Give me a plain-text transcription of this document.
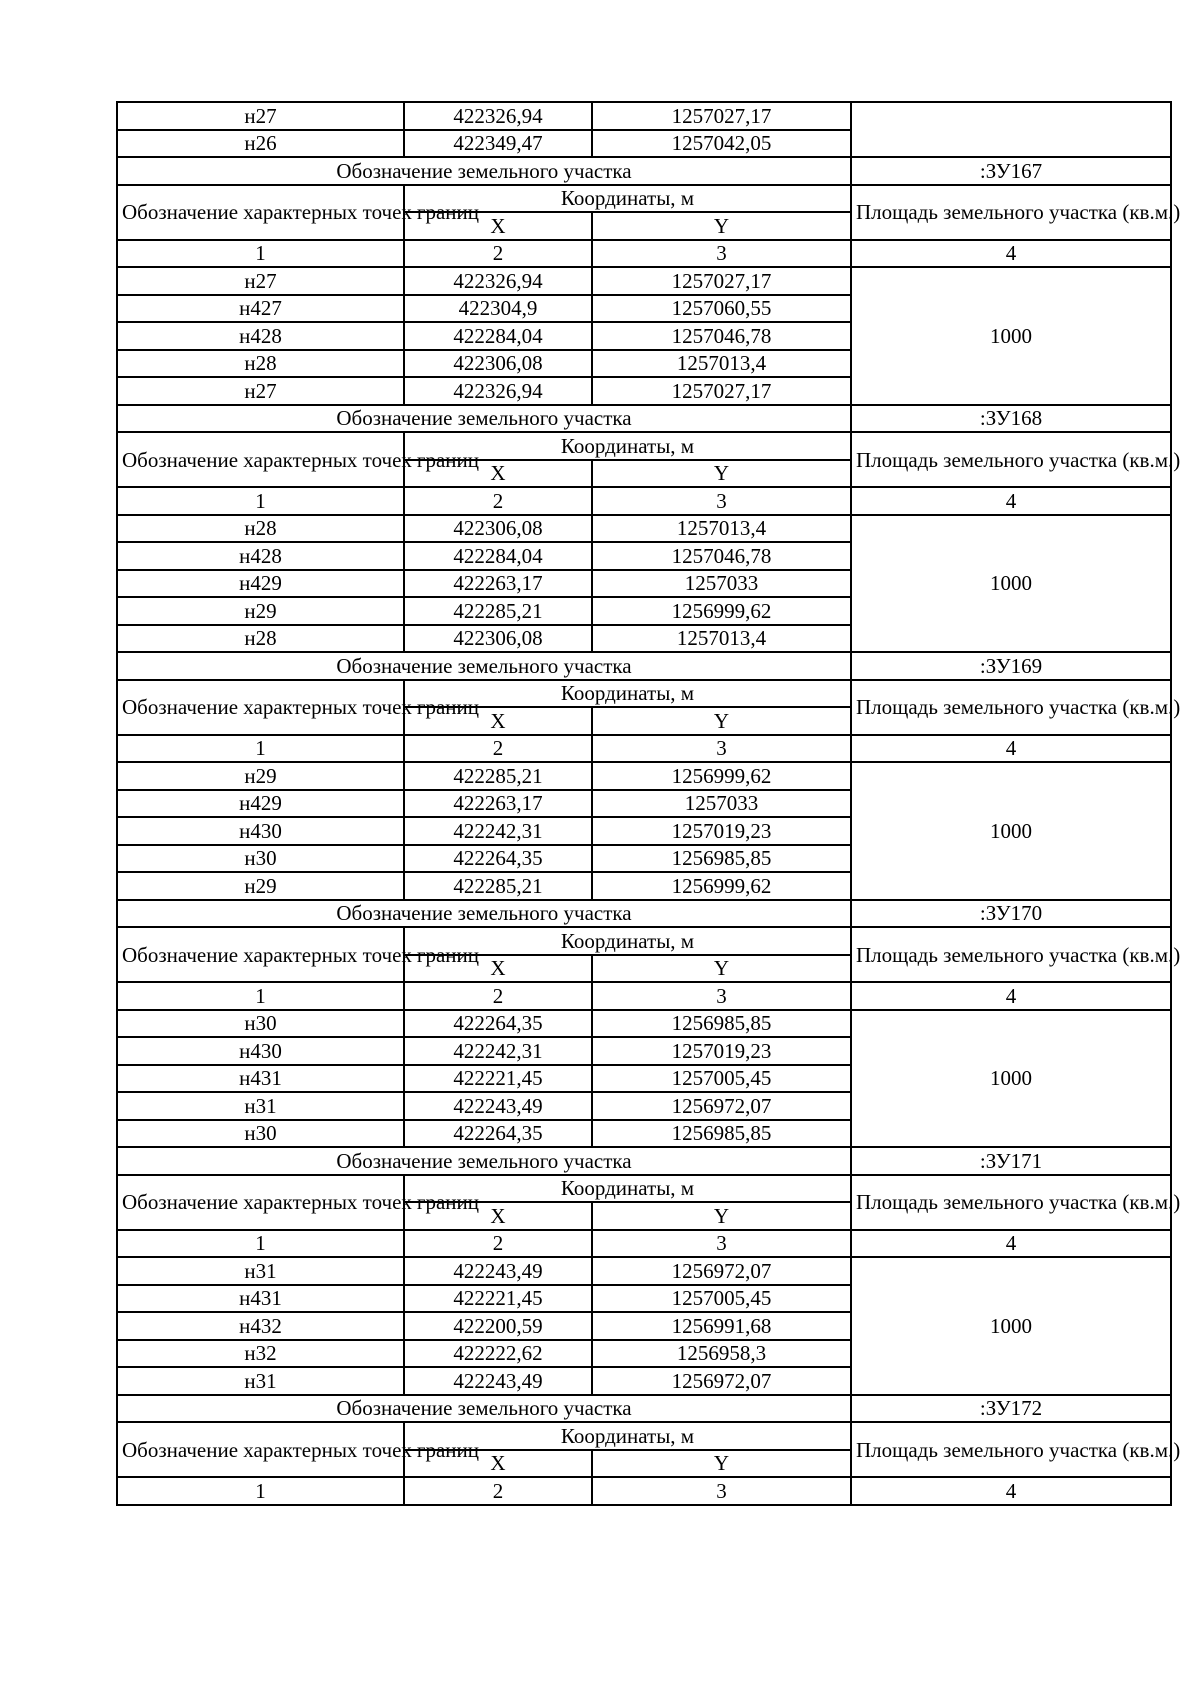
н27	422326,94	1257027,17	
н26	422349,47	1257042,05	
Обозначение земельного участка			:ЗУ167
Обозначение характерных точек границ	Координаты, м		Площадь земельного участка (кв.м.)
	X	Y	
1	2	3	4
н27	422326,94	1257027,17	1000
н427	422304,9	1257060,55	
н428	422284,04	1257046,78	
н28	422306,08	1257013,4	
н27	422326,94	1257027,17	
Обозначение земельного участка			:ЗУ168
Обозначение характерных точек границ	Координаты, м		Площадь земельного участка (кв.м.)
	X	Y	
1	2	3	4
н28	422306,08	1257013,4	1000
н428	422284,04	1257046,78	
н429	422263,17	1257033	
н29	422285,21	1256999,62	
н28	422306,08	1257013,4	
Обозначение земельного участка			:ЗУ169
Обозначение характерных точек границ	Координаты, м		Площадь земельного участка (кв.м.)
	X	Y	
1	2	3	4
н29	422285,21	1256999,62	1000
н429	422263,17	1257033	
н430	422242,31	1257019,23	
н30	422264,35	1256985,85	
н29	422285,21	1256999,62	
Обозначение земельного участка			:ЗУ170
Обозначение характерных точек границ	Координаты, м		Площадь земельного участка (кв.м.)
	X	Y	
1	2	3	4
н30	422264,35	1256985,85	1000
н430	422242,31	1257019,23	
н431	422221,45	1257005,45	
н31	422243,49	1256972,07	
н30	422264,35	1256985,85	
Обозначение земельного участка			:ЗУ171
Обозначение характерных точек границ	Координаты, м		Площадь земельного участка (кв.м.)
	X	Y	
1	2	3	4
н31	422243,49	1256972,07	1000
н431	422221,45	1257005,45	
н432	422200,59	1256991,68	
н32	422222,62	1256958,3	
н31	422243,49	1256972,07	
Обозначение земельного участка			:ЗУ172
Обозначение характерных точек границ	Координаты, м		Площадь земельного участка (кв.м.)
	X	Y	
1	2	3	4
